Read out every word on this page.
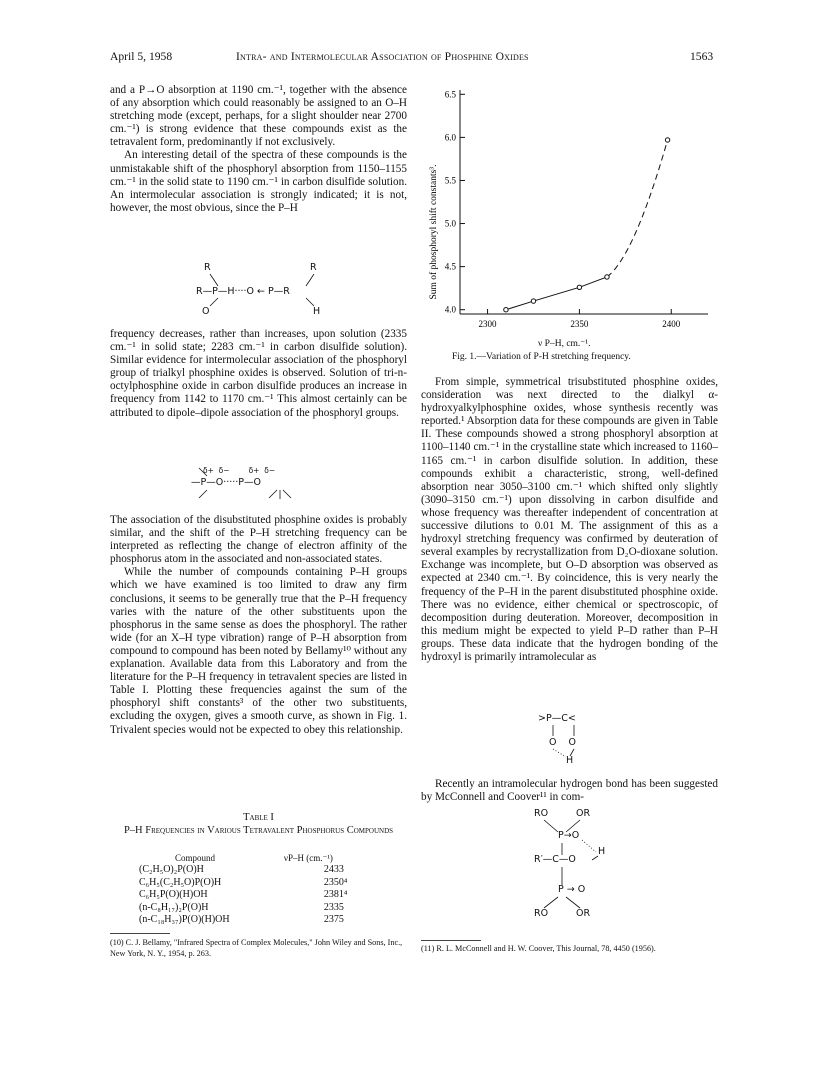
April 5, 1958	Intra- and Intermolecular Association of Phosphine Oxides	1563

and a P→O absorption at 1190 cm.⁻¹, together with the absence of any absorption which could reasonably be assigned to an O–H stretching mode (except, perhaps, for a slight shoulder near 2700 cm.⁻¹) is strong evidence that these compounds exist as the tetravalent form, predominantly if not exclusively.

An interesting detail of the spectra of these compounds is the unmistakable shift of the phosphoryl absorption from 1150–1155 cm.⁻¹ in the solid state to 1190 cm.⁻¹ in carbon disulfide solution. An intermolecular association is strongly indicated; it is not, however, the most obvious, since the P–H

R	R
R—P—H····O ← P—R
O	H

frequency decreases, rather than increases, upon solution (2335 cm.⁻¹ in solid state; 2283 cm.⁻¹ in carbon disulfide solution). Similar evidence for intermolecular association of the phosphoryl group of trialkyl phosphine oxides is observed. Solution of tri-n-octylphosphine oxide in carbon disulfide produces an increase in frequency from 1142 to 1170 cm.⁻¹ This almost certainly can be attributed to dipole–dipole association of the phosphoryl groups.

δ+  δ−        δ+  δ−
—P—O·····P—O

The association of the disubstituted phosphine oxides is probably similar, and the shift of the P–H stretching frequency can be interpreted as reflecting the change of electron affinity of the phosphorus atom in the associated and non-associated states.

While the number of compounds containing P–H groups which we have examined is too limited to draw any firm conclusions, it seems to be generally true that the P–H frequency varies with the nature of the other substituents upon the phosphorus in the same sense as does the phosphoryl. The rather wide (for an X–H type vibration) range of P–H absorption from compound to compound has been noted by Bellamy¹⁰ without any explanation. Available data from this Laboratory and from the literature for the P–H frequency in tetravalent species are listed in Table I. Plotting these frequencies against the sum of the phosphoryl shift constants³ of the other two substituents, excluding the oxygen, gives a smooth curve, as shown in Fig. 1. Trivalent species would not be expected to obey this relationship.

Table I
P–H Frequencies in Various Tetravalent Phosphorus Compounds
Compound	νP–H (cm.⁻¹)
(C₂H₅O)₂P(O)H	2433
C₆H₅(C₂H₅O)P(O)H	2350⁴
C₆H₅P(O)(H)OH	2381⁴
(n-C₈H₁₇)₂P(O)H	2335
(n-C₁₈H₃₇)P(O)(H)OH	2375
(10) C. J. Bellamy, "Infrared Spectra of Complex Molecules," John Wiley and Sons, Inc., New York, N. Y., 1954, p. 263.
Sum of phosphoryl shift constants³.
4.0
4.5
5.0
5.5
6.0
6.5
2300	2350	2400
ν P–H, cm.⁻¹.
Fig. 1.—Variation of P-H stretching frequency.

From simple, symmetrical trisubstituted phosphine oxides, consideration was next directed to the dialkyl α-hydroxyalkylphosphine oxides, whose synthesis recently was reported.¹ Absorption data for these compounds are given in Table II. These compounds showed a strong phosphoryl absorption at 1100–1140 cm.⁻¹ in the crystalline state which increased to 1160–1165 cm.⁻¹ in carbon disulfide solution. In addition, these compounds exhibit a characteristic, strong, well-defined absorption near 3050–3100 cm.⁻¹ which shifted only slightly (3090–3150 cm.⁻¹) upon dissolving in carbon disulfide and whose frequency was thereafter independent of concentration at successive dilutions to 0.01 M. The assignment of this as a hydroxyl stretching frequency was confirmed by deuteration of several examples by recrystallization from D₂O-dioxane solution. Exchange was incomplete, but O–D absorption was observed as expected at 2340 cm.⁻¹. By coincidence, this is very nearly the frequency of the P–H in the parent disubstituted phosphine oxide. There was no evidence, either chemical or spectroscopic, of decomposition during deuteration. Moreover, decomposition in this medium might be expected to yield P–D rather than P–H groups. These data indicate that the hydrogen bonding of the hydroxyl is primarily intramolecular as

>P—C<
O    O
H

Recently an intramolecular hydrogen bond has been suggested by McConnell and Coover¹¹ in com-

RO	OR
P→O
H
R′—C—O
P → O
RO	OR
(11) R. L. McConnell and H. W. Coover, This Journal, 78, 4450 (1956).
